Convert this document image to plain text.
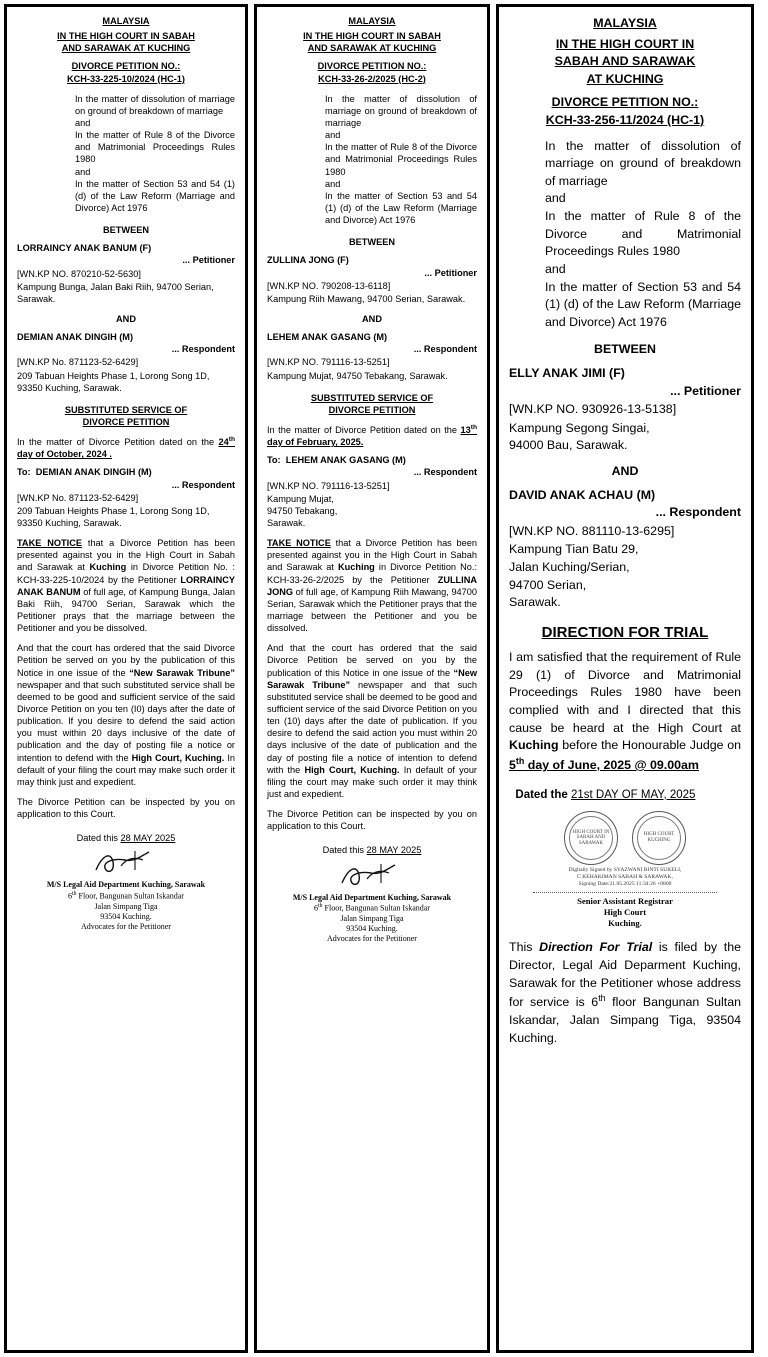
MALAYSIA
IN THE HIGH COURT IN SABAH
AND SARAWAK AT KUCHING
DIVORCE PETITION NO.:
KCH-33-225-10/2024 (HC-1)
In the matter of dissolution of marriage on ground of breakdown of marriage
and
In the matter of Rule 8 of the Divorce and Matrimonial Proceedings Rules 1980
and
In the matter of Section 53 and 54 (1) (d) of the Law Reform (Marriage and Divorce) Act 1976
BETWEEN
LORRAINCY ANAK BANUM (F)
... Petitioner
[WN.KP NO. 870210-52-5630]
Kampung Bunga, Jalan Baki Riih, 94700 Serian, Sarawak.
AND
DEMIAN ANAK DINGIH (M)
... Respondent
[WN.KP No. 871123-52-6429]
209 Tabuan Heights Phase 1, Lorong Song 1D, 93350 Kuching, Sarawak.
SUBSTITUTED SERVICE OF
DIVORCE PETITION
In the matter of Divorce Petition dated on the 24th day of October, 2024 .
To: DEMIAN ANAK DINGIH (M)
... Respondent
[WN.KP No. 871123-52-6429]
209 Tabuan Heights Phase 1, Lorong Song 1D, 93350 Kuching, Sarawak.
TAKE NOTICE that a Divorce Petition has been presented against you in the High Court in Sabah and Sarawak at Kuching in Divorce Petition No. : KCH-33-225-10/2024 by the Petitioner LORRAINCY ANAK BANUM of full age, of Kampung Bunga, Jalan Baki Riih, 94700 Serian, Sarawak which the Petitioner prays that the marriage between the Petitioner and you be dissolved.
And that the court has ordered that the said Divorce Petition be served on you by the publication of this Notice in one issue of the “New Sarawak Tribune” newspaper and that such substituted service shall be deemed to be good and sufficient service of the said Divorce Petition on you ten (I0) days after the date of publication. If you desire to defend the said action you must within 20 days inclusive of the date of publication and the day of posting file a notice or intention to defend with the High Court, Kuching. In default of your filing the court may make such order it may think just and expedient.
The Divorce Petition can be inspected by you on application to this Court.
Dated this 28 MAY 2025
M/S Legal Aid Department Kuching, Sarawak
6th Floor, Bangunan Sultan Iskandar
Jalan Simpang Tiga
93504 Kuching.
Advocates for the Petitioner
MALAYSIA
IN THE HIGH COURT IN SABAH
AND SARAWAK AT KUCHING
DIVORCE PETITION NO.:
KCH-33-26-2/2025 (HC-2)
In the matter of dissolution of marriage on ground of breakdown of marriage
and
In the matter of Rule 8 of the Divorce and Matrimonial Proceedings Rules 1980
and
In the matter of Section 53 and 54 (1) (d) of the Law Reform (Marriage and Divorce) Act 1976
BETWEEN
ZULLINA JONG (F)
... Petitioner
[WN.KP NO. 790208-13-6118]
Kampung Riih Mawang, 94700 Serian, Sarawak.
AND
LEHEM ANAK GASANG (M)
... Respondent
[WN.KP NO. 791116-13-5251]
Kampung Mujat, 94750 Tebakang, Sarawak.
SUBSTITUTED SERVICE OF
DIVORCE PETITION
In the matter of Divorce Petition dated on the 13th day of February, 2025.
To: LEHEM ANAK GASANG (M)
... Respondent
[WN.KP NO. 791116-13-5251]
Kampung Mujat,
94750 Tebakang,
Sarawak.
TAKE NOTICE that a Divorce Petition has been presented against you in the High Court in Sabah and Sarawak at Kuching in Divorce Petition No.: KCH-33-26-2/2025 by the Petitioner ZULLINA JONG of full age, of Kampung Riih Mawang, 94700 Serian, Sarawak which the Petitioner prays that the marriage between the Petitioner and you be dissolved.
And that the court has ordered that the said Divorce Petition be served on you by the publication of this Notice in one issue of the “New Sarawak Tribune” newspaper and that such substituted service shall be deemed to be good and sufficient service of the said Divorce Petition on you ten (10) days after the date of publication. If you desire to defend the said action you must within 20 days inclusive of the date of publication and the day of posting file a notice of intention to defend with the High Court, Kuching. In default of your filing the court may make such order it may think just and expedient.
The Divorce Petition can be inspected by you on application to this Court.
Dated this 28 MAY 2025
M/S Legal Aid Department Kuching, Sarawak
6th Floor, Bangunan Sultan Iskandar
Jalan Simpang Tiga
93504 Kuching.
Advocates for the Petitioner
MALAYSIA
IN THE HIGH COURT IN
SABAH AND SARAWAK
AT KUCHING
DIVORCE PETITION NO.:
KCH-33-256-11/2024 (HC-1)
In the matter of dissolution of marriage on ground of breakdown of marriage
and
In the matter of Rule 8 of the Divorce and Matrimonial Proceedings Rules 1980
and
In the matter of Section 53 and 54 (1) (d) of the Law Reform (Marriage and Divorce) Act 1976
BETWEEN
ELLY ANAK JIMI (F)
... Petitioner
[WN.KP NO. 930926-13-5138]
Kampung Segong Singai,
94000 Bau, Sarawak.
AND
DAVID ANAK ACHAU (M)
... Respondent
[WN.KP NO. 881110-13-6295]
Kampung Tian Batu 29,
Jalan Kuching/Serian,
94700 Serian,
Sarawak.
DIRECTION FOR TRIAL
I am satisfied that the requirement of Rule 29 (1) of Divorce and Matrimonial Proceedings Rules 1980 have been complied with and I directed that this cause be heard at the High Court at Kuching before the Honourable Judge on 5th day of June, 2025 @ 09.00am
Dated the 21st DAY OF MAY, 2025
HIGH COURT IN SABAH AND SARAWAK
HIGH COURT KUCHING
Digitally Signed by SYAZWANI BINTI SUKELI,
C KEHAKIMAN SABAH & SARAWAK,
Signing Date:21.05.2025 11:34:26 +0800
Senior Assistant Registrar
High Court
Kuching.
This Direction For Trial is filed by the Director, Legal Aid Deparment Kuching, Sarawak for the Petitioner whose address for service is 6th floor Bangunan Sultan Iskandar, Jalan Simpang Tiga, 93504 Kuching.
